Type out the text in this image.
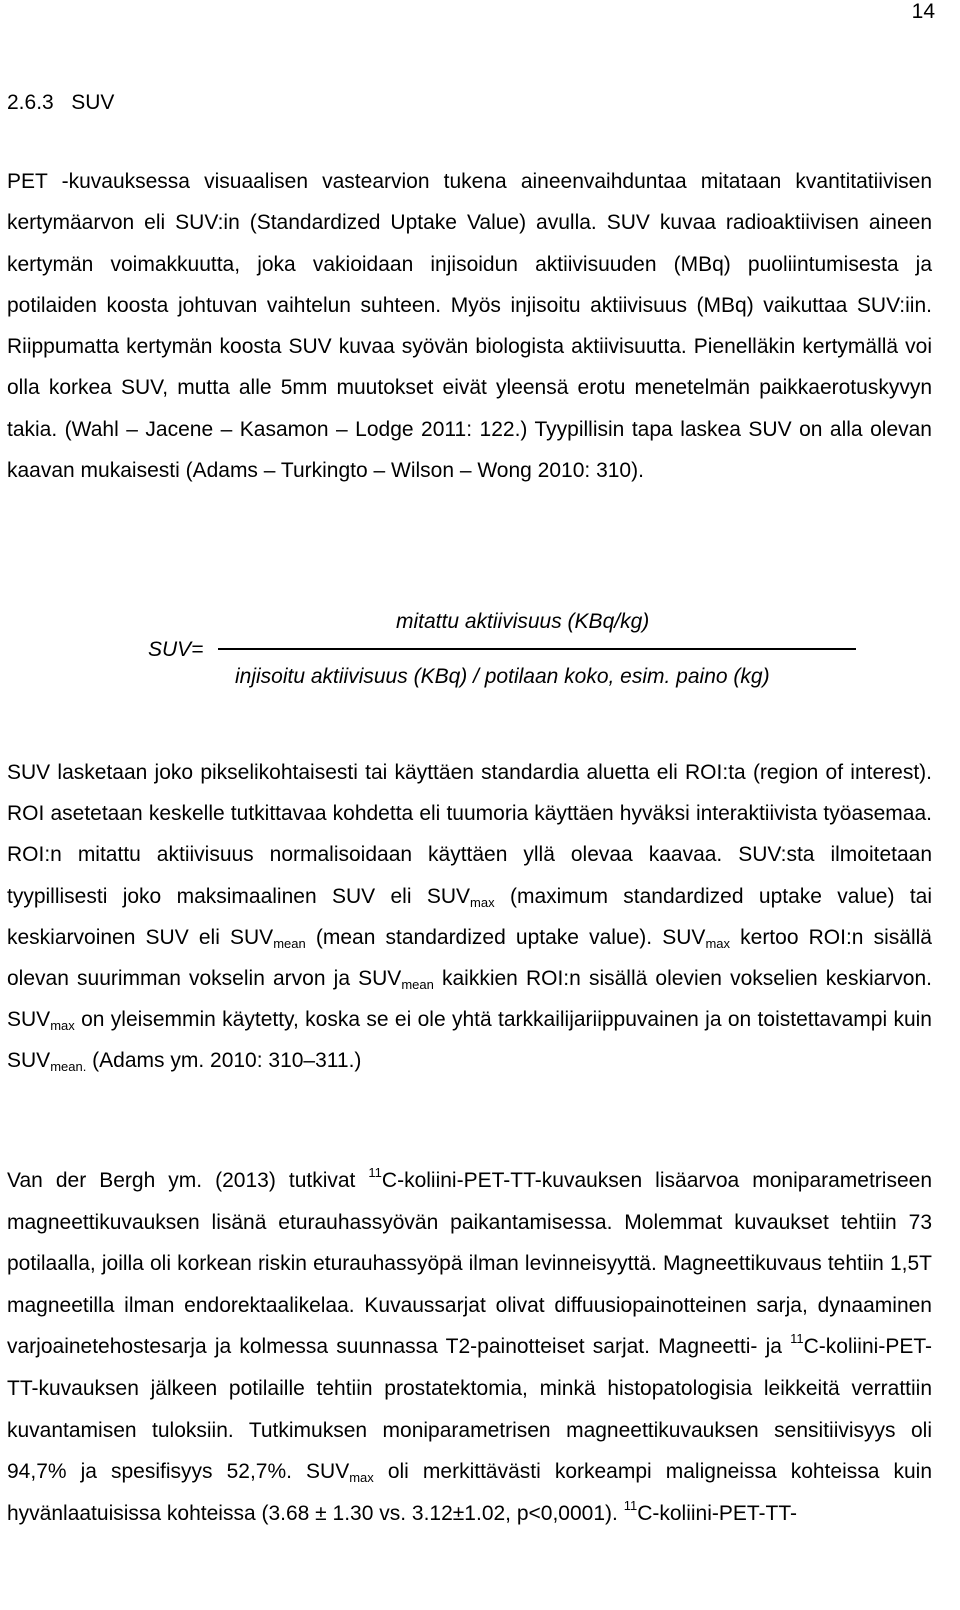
14
2.6.3   SUV

PET -kuvauksessa visuaalisen vastearvion tukena aineenvaihduntaa mitataan kvantitatiivisen kertymäarvon eli SUV:in (Standardized Uptake Value) avulla. SUV kuvaa radioaktiivisen aineen kertymän voimakkuutta, joka vakioidaan injisoidun aktiivisuuden (MBq) puoliintumisesta ja potilaiden koosta johtuvan vaihtelun suhteen. Myös injisoitu aktiivisuus (MBq) vaikuttaa SUV:iin. Riippumatta kertymän koosta SUV kuvaa syövän biologista aktiivisuutta. Pienelläkin kertymällä voi olla korkea SUV, mutta alle 5mm muutokset eivät yleensä erotu menetelmän paikkaerotuskyvyn takia. (Wahl – Jacene – Kasamon – Lodge 2011: 122.) Tyypillisin tapa laskea SUV on alla olevan kaavan mukaisesti (Adams – Turkingto – Wilson – Wong 2010: 310).

SUV=
mitattu aktiivisuus (KBq/kg)
injisoitu aktiivisuus (KBq) / potilaan koko, esim. paino (kg)

SUV lasketaan joko pikselikohtaisesti tai käyttäen standardia aluetta eli ROI:ta (region of interest). ROI asetetaan keskelle tutkittavaa kohdetta eli tuumoria käyttäen hyväksi interaktiivista työasemaa. ROI:n mitattu aktiivisuus normalisoidaan käyttäen yllä olevaa kaavaa. SUV:sta ilmoitetaan tyypillisesti joko maksimaalinen SUV eli $SUV_{max}$ (maximum standardized uptake value) tai keskiarvoinen SUV eli $SUV_{mean}$ (mean standardized uptake value). $SUV_{max}$ kertoo ROI:n sisällä olevan suurimman vokselin arvon ja $SUV_{mean}$ kaikkien ROI:n sisällä olevien vokselien keskiarvon. $SUV_{max}$ on yleisemmin käytetty, koska se ei ole yhtä tarkkailijariippuvainen ja on toistettavampi kuin $SUV_{mean.}$ (Adams ym. 2010: 310–311.)

Van der Bergh ym. (2013) tutkivat $^{11}$C-koliini-PET-TT-kuvauksen lisäarvoa moniparametriseen magneettikuvauksen lisänä eturauhassyövän paikantamisessa. Molemmat kuvaukset tehtiin 73 potilaalla, joilla oli korkean riskin eturauhassyöpä ilman levinneisyyttä. Magneettikuvaus tehtiin 1,5T magneetilla ilman endorektaalikelaa. Kuvaussarjat olivat diffuusiopainotteinen sarja, dynaaminen varjoainetehostesarja ja kolmessa suunnassa T2-painotteiset sarjat. Magneetti- ja $^{11}$C-koliini-PET-TT-kuvauksen jälkeen potilaille tehtiin prostatektomia, minkä histopatologisia leikkeitä verrattiin kuvantamisen tuloksiin. Tutkimuksen moniparametrisen magneettikuvauksen sensitiivisyys oli 94,7% ja spesifisyys 52,7%. $SUV_{max}$ oli merkittävästi korkeampi maligneissa kohteissa kuin hyvänlaatuisissa kohteissa (3.68 ± 1.30 vs. 3.12±1.02, p<0,0001). $^{11}$C-koliini-PET-TT-
